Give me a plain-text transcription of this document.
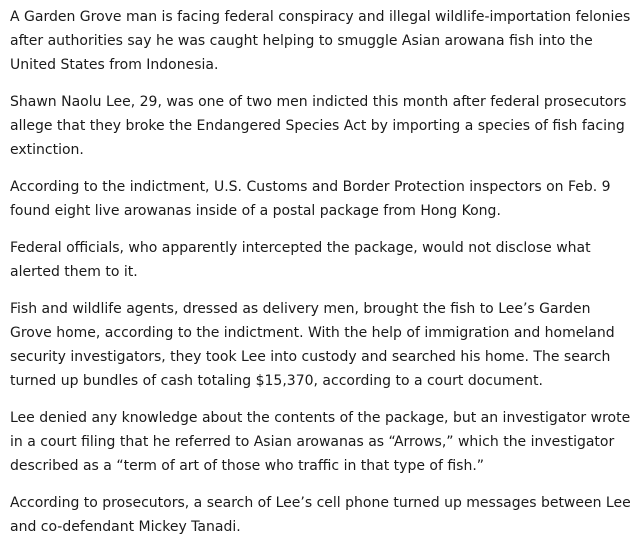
A Garden Grove man is facing federal conspiracy and illegal wildlife-importation felonies after authorities say he was caught helping to smuggle Asian arowana fish into the United States from Indonesia.

Shawn Naolu Lee, 29, was one of two men indicted this month after federal prosecutors allege that they broke the Endangered Species Act by importing a species of fish facing extinction.

According to the indictment, U.S. Customs and Border Protection inspectors on Feb. 9 found eight live arowanas inside of a postal package from Hong Kong.

Federal officials, who apparently intercepted the package, would not disclose what alerted them to it.

Fish and wildlife agents, dressed as delivery men, brought the fish to Lee’s Garden Grove home, according to the indictment. With the help of immigration and homeland security investigators, they took Lee into custody and searched his home. The search turned up bundles of cash totaling $15,370, according to a court document.

Lee denied any knowledge about the contents of the package, but an investigator wrote in a court filing that he referred to Asian arowanas as “Arrows,” which the investigator described as a “term of art of those who traffic in that type of fish.”

According to prosecutors, a search of Lee’s cell phone turned up messages between Lee and co-defendant Mickey Tanadi.
